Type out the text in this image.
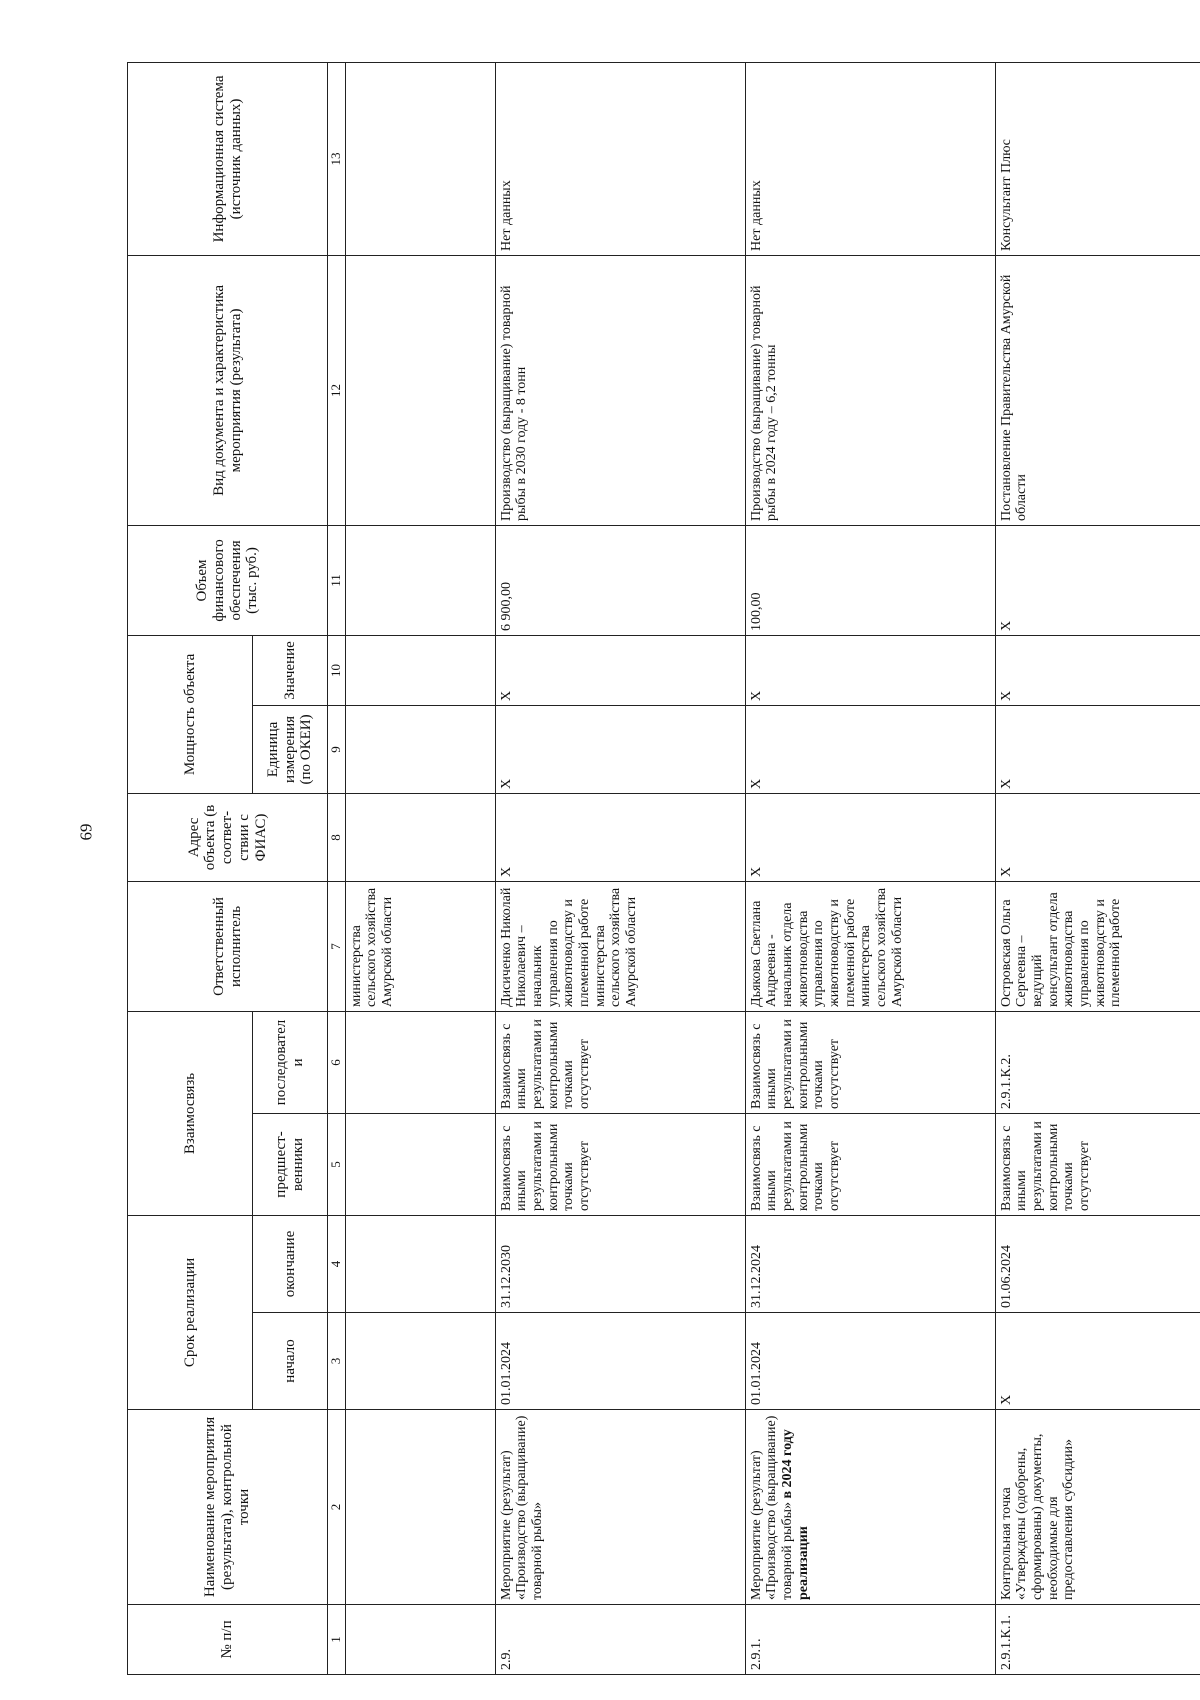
69
№ п/п	Наименование мероприятия (результата), контрольной точки	Срок реализации		Взаимосвязь		Ответственный исполнитель	Адрес объекта (в соответ-ствии с ФИАС)	Мощность объекта		Объем финансового обеспечения (тыс. руб.)	Вид документа и характеристика мероприятия (результата)	Информационная система (источник данных)
		начало	окончание	предшест-венники	последователи			Единица измерения (по ОКЕИ)	Значение			
1	2	3	4	5	6	7	8	9	10	11	12	13
						министерства сельского хозяйства Амурской области						
2.9.	Мероприятие (результат) «Производство (выращивание) товарной рыбы»	01.01.2024	31.12.2030	Взаимосвязь с иными результатами и контрольными точками отсутствует	Взаимосвязь с иными результатами и контрольными точками отсутствует	Дисиченко Николай Николаевич – начальник управления по животноводству и племенной работе министерства сельского хозяйства Амурской области	Х	Х	Х	6 900,00	Производство (выращивание) товарной рыбы в 2030 году - 8 тонн	Нет данных
2.9.1.	Мероприятие (результат) «Производство (выращивание) товарной рыбы» в 2024 году реализации	01.01.2024	31.12.2024	Взаимосвязь с иными результатами и контрольными точками отсутствует	Взаимосвязь с иными результатами и контрольными точками отсутствует	Дьякова Светлана Андреевна - начальник отдела животноводства управления по животноводству и племенной работе министерства сельского хозяйства Амурской области	Х	Х	Х	100,00	Производство (выращивание) товарной рыбы в 2024 году – 6,2 тонны	Нет данных
2.9.1.К.1.	Контрольная точка «Утверждены (одобрены, сформированы) документы, необходимые для предоставления субсидии»	Х	01.06.2024	Взаимосвязь с иными результатами и контрольными точками отсутствует	2.9.1.К.2.	Островская Ольга Сергеевна – ведущий консультант отдела животноводства управления по животноводству и племенной работе	Х	Х	Х	Х	Постановление Правительства Амурской области	Консультант Плюс
